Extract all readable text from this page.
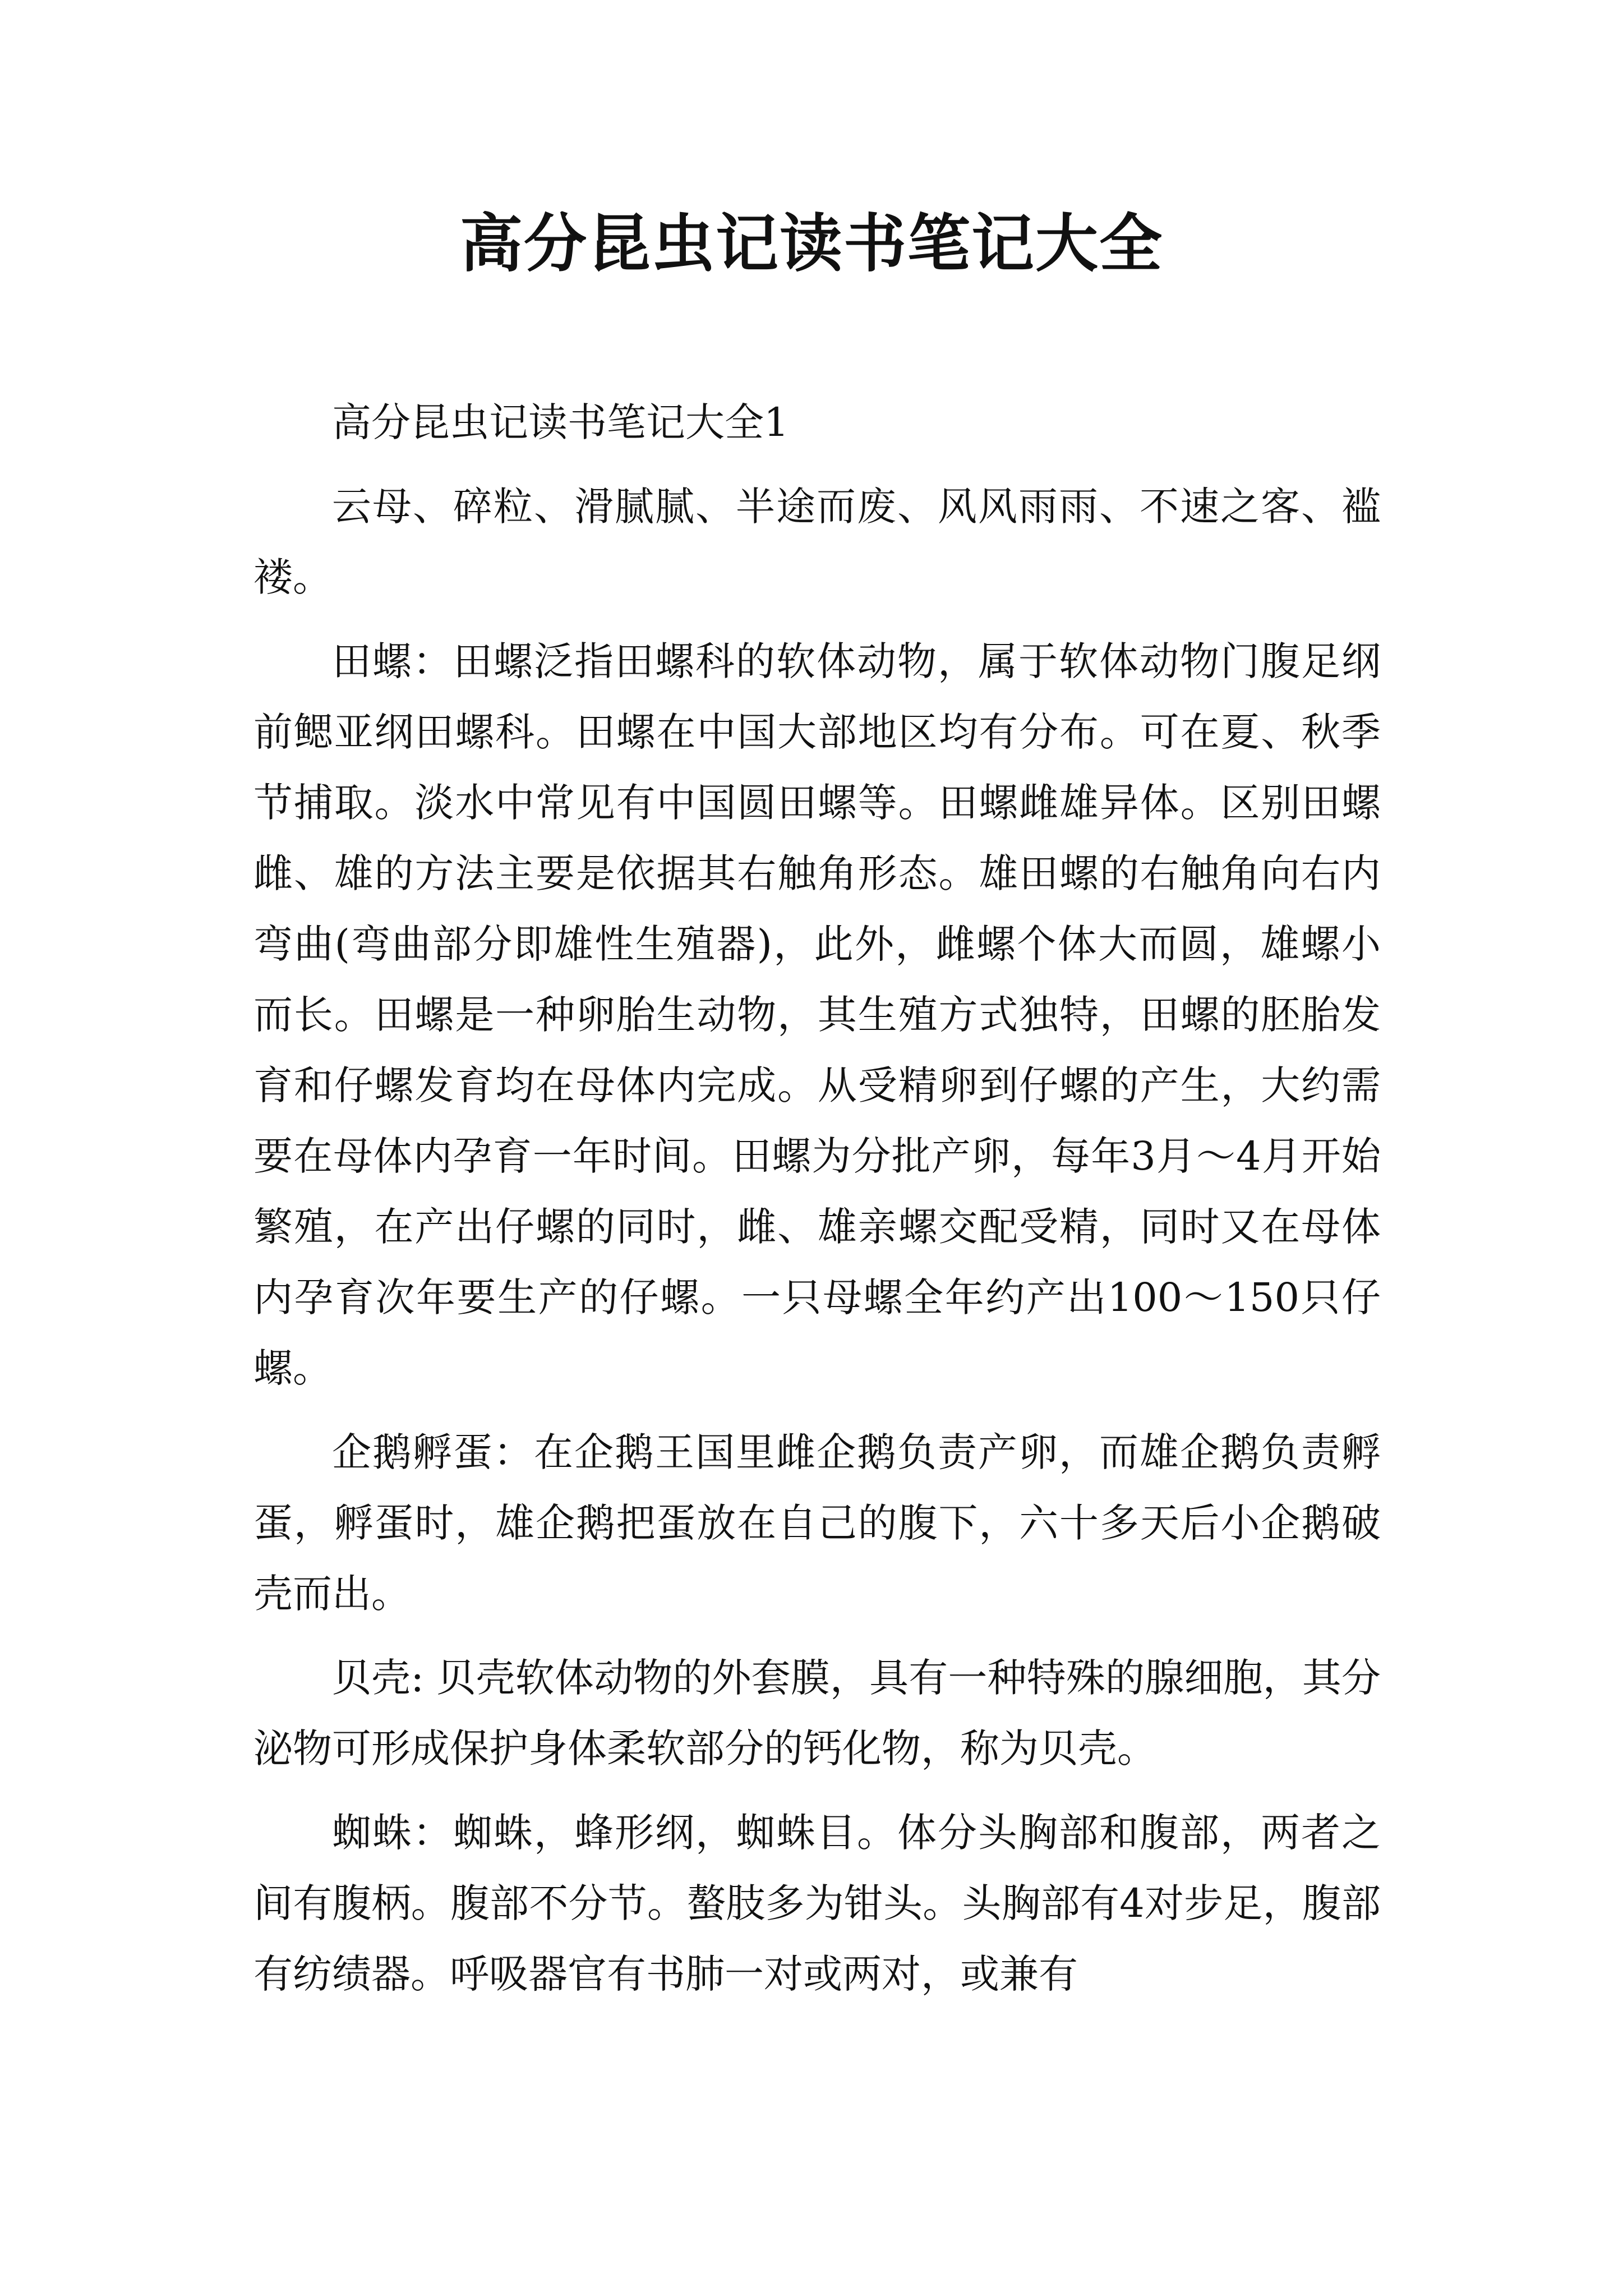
高分昆虫记读书笔记大全

高分昆虫记读书笔记大全1

云母、碎粒、滑腻腻、半途而废、风风雨雨、不速之客、褴褛。

田螺：田螺泛指田螺科的软体动物，属于软体动物门腹足纲前鳃亚纲田螺科。田螺在中国大部地区均有分布。可在夏、秋季节捕取。淡水中常见有中国圆田螺等。田螺雌雄异体。区别田螺雌、雄的方法主要是依据其右触角形态。雄田螺的右触角向右内弯曲(弯曲部分即雄性生殖器)，此外，雌螺个体大而圆，雄螺小而长。田螺是一种卵胎生动物，其生殖方式独特，田螺的胚胎发育和仔螺发育均在母体内完成。从受精卵到仔螺的产生，大约需要在母体内孕育一年时间。田螺为分批产卵，每年3月～4月开始繁殖，在产出仔螺的同时，雌、雄亲螺交配受精，同时又在母体内孕育次年要生产的仔螺。一只母螺全年约产出100～150只仔螺。

企鹅孵蛋：在企鹅王国里雌企鹅负责产卵，而雄企鹅负责孵蛋，孵蛋时，雄企鹅把蛋放在自己的腹下，六十多天后小企鹅破壳而出。

贝壳: 贝壳软体动物的外套膜，具有一种特殊的腺细胞，其分泌物可形成保护身体柔软部分的钙化物，称为贝壳。

蜘蛛：蜘蛛，蜂形纲，蜘蛛目。体分头胸部和腹部，两者之间有腹柄。腹部不分节。螯肢多为钳头。头胸部有4对步足，腹部有纺绩器。呼吸器官有书肺一对或两对，或兼有
